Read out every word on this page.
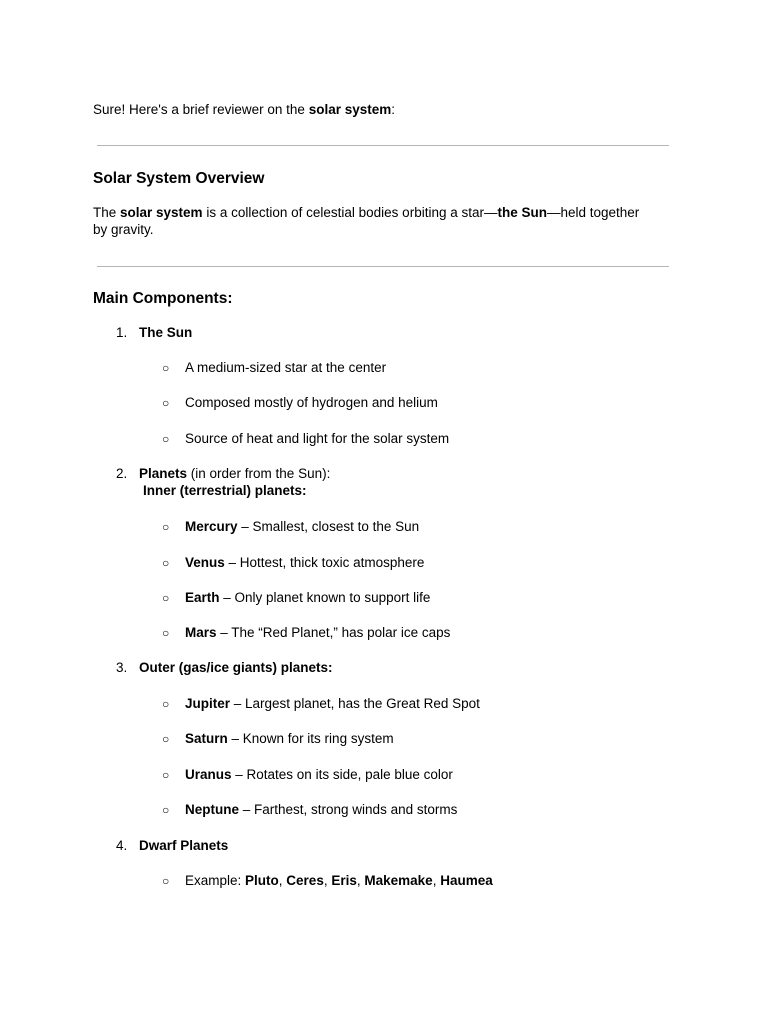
Sure! Here's a brief reviewer on the solar system:
Solar System Overview
The solar system is a collection of celestial bodies orbiting a star—the Sun—held together
by gravity.
Main Components:
1. The Sun
○ A medium-sized star at the center
○ Composed mostly of hydrogen and helium
○ Source of heat and light for the solar system
2. Planets (in order from the Sun):
Inner (terrestrial) planets:
○ Mercury – Smallest, closest to the Sun
○ Venus – Hottest, thick toxic atmosphere
○ Earth – Only planet known to support life
○ Mars – The “Red Planet,” has polar ice caps
3. Outer (gas/ice giants) planets:
○ Jupiter – Largest planet, has the Great Red Spot
○ Saturn – Known for its ring system
○ Uranus – Rotates on its side, pale blue color
○ Neptune – Farthest, strong winds and storms
4. Dwarf Planets
○ Example: Pluto, Ceres, Eris, Makemake, Haumea
